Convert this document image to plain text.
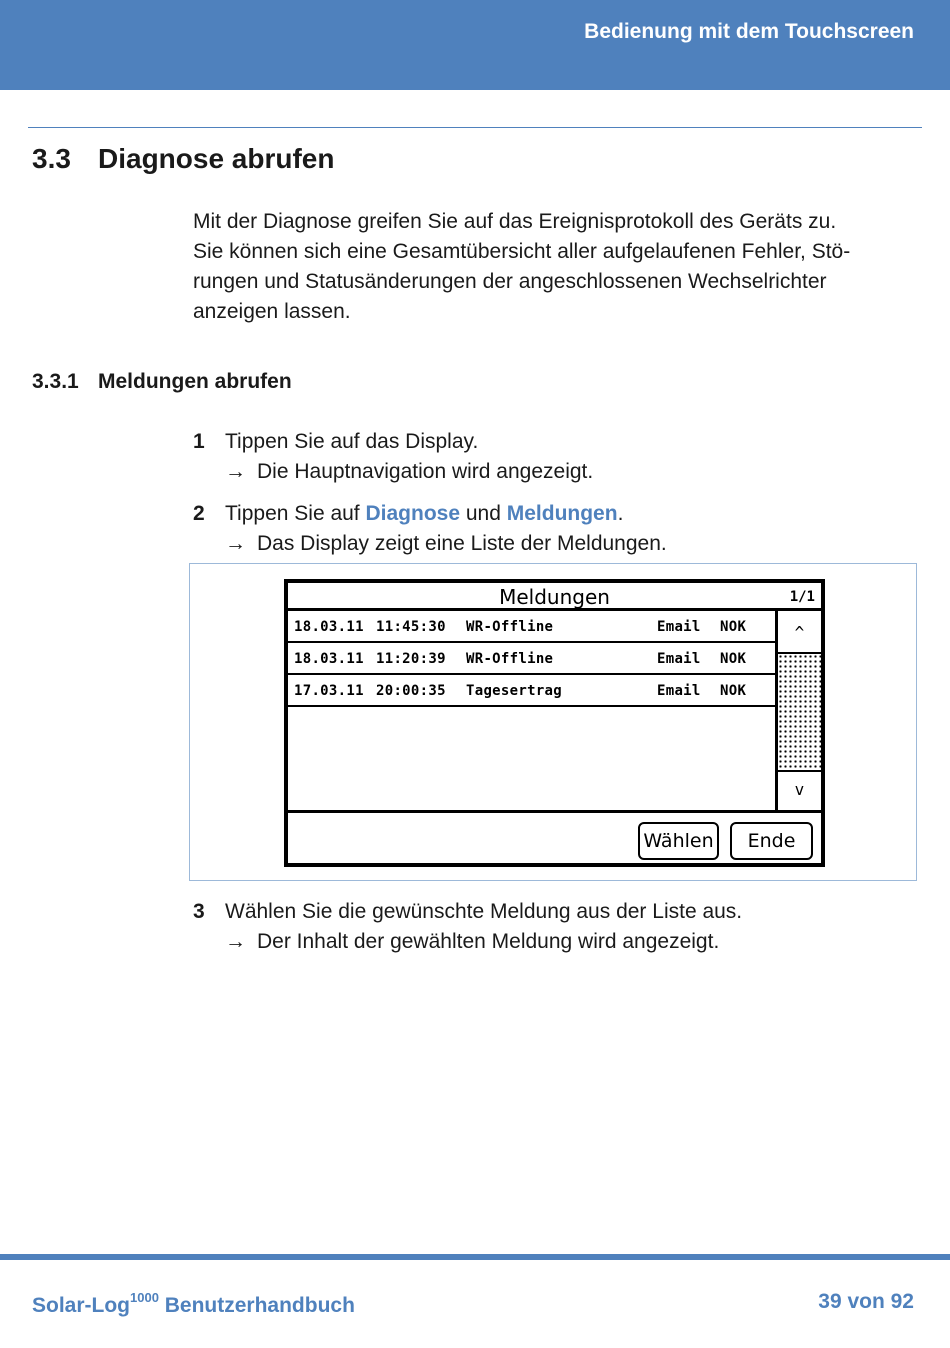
Bedienung mit dem Touchscreen
3.3 Diagnose abrufen
Mit der Diagnose greifen Sie auf das Ereignisprotokoll des Geräts zu.
Sie können sich eine Gesamtübersicht aller aufgelaufenen Fehler, Stö-
rungen und Statusänderungen der angeschlossenen Wechselrichter
anzeigen lassen.
3.3.1 Meldungen abrufen
1 Tippen Sie auf das Display.
→ Die Hauptnavigation wird angezeigt.
2 Tippen Sie auf Diagnose und Meldungen.
→ Das Display zeigt eine Liste der Meldungen.
Meldungen	1/1
18.03.11 11:45:30 WR-Offline	Email NOK
18.03.11 11:20:39 WR-Offline	Email NOK
17.03.11 20:00:35 Tagesertrag	Email NOK
^
v
Wählen	Ende
3 Wählen Sie die gewünschte Meldung aus der Liste aus.
→ Der Inhalt der gewählten Meldung wird angezeigt.
Solar-Log$^{1000}$ Benutzerhandbuch	39 von 92
